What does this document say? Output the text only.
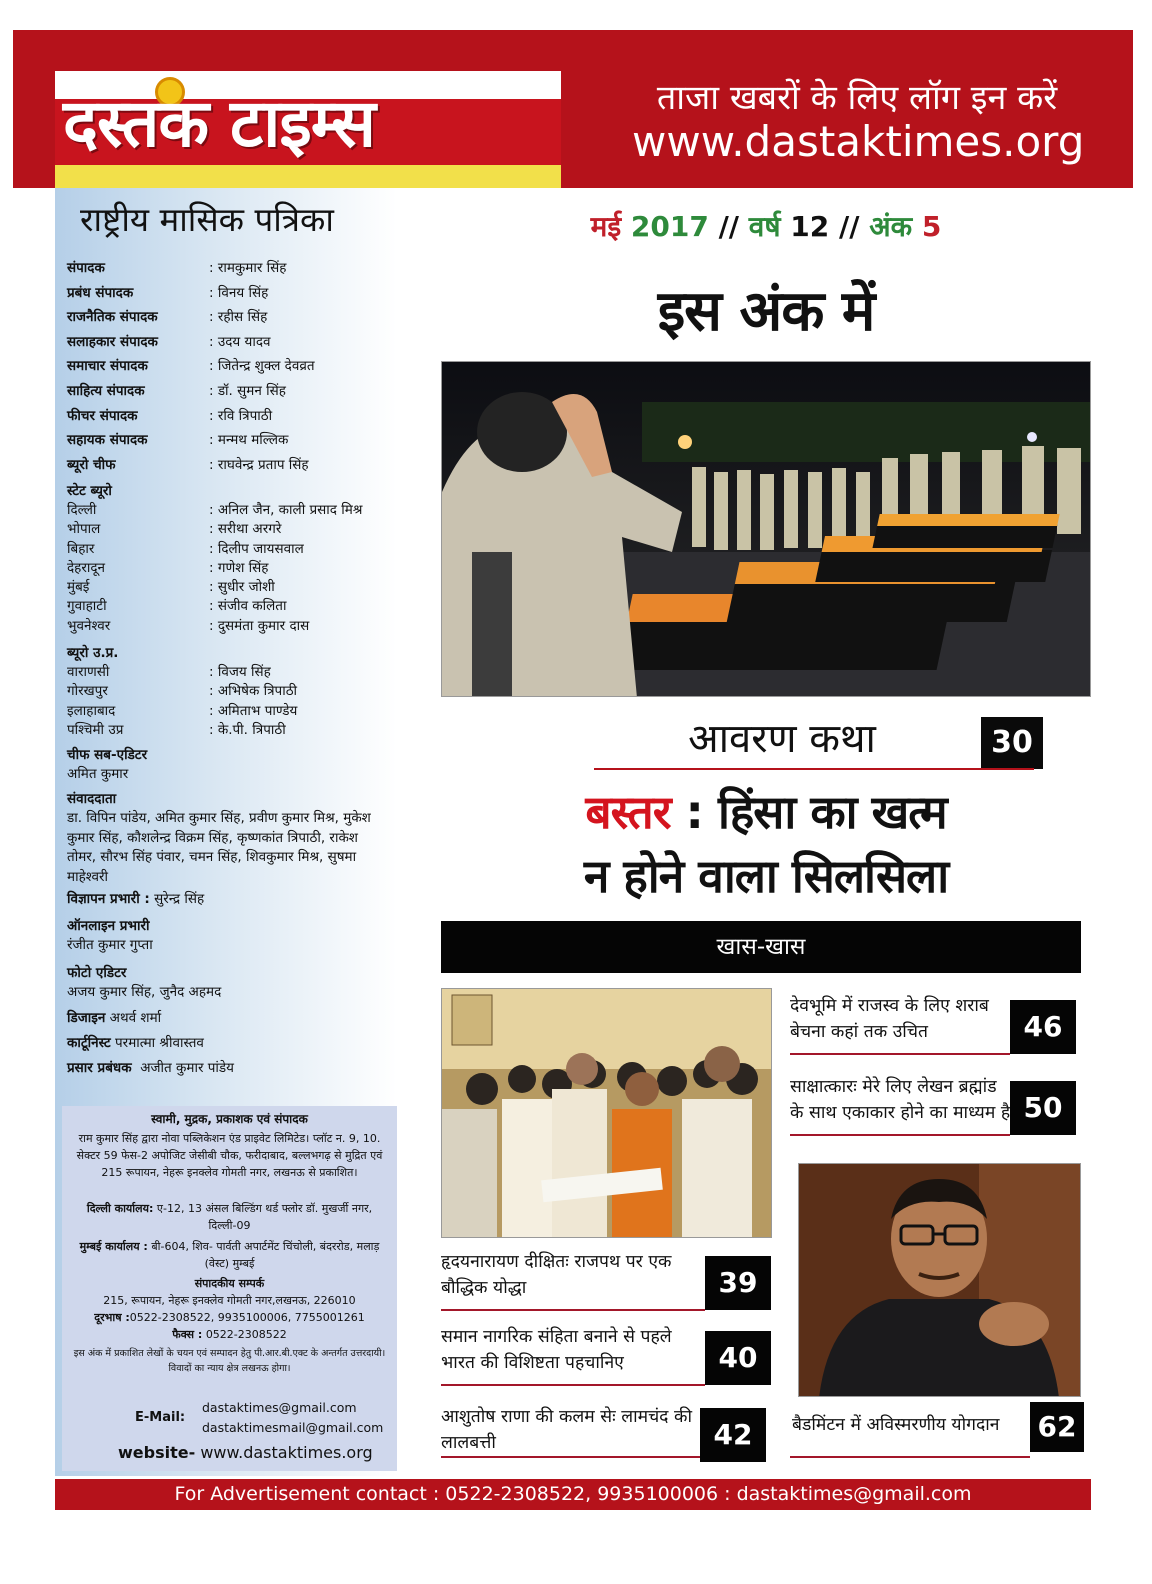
दस्तक टाइम्स	ताजा खबरों के लिए लॉग इन करें
www.dastaktimes.org
राष्ट्रीय मासिक पत्रिका
संपादक	: रामकुमार सिंह
प्रबंध संपादक	: विनय सिंह
राजनैतिक संपादक	: रहीस सिंह
सलाहकार संपादक	: उदय यादव
समाचार संपादक	: जितेन्द्र शुक्ल देवव्रत
साहित्य संपादक	: डॉ. सुमन सिंह
फीचर संपादक	: रवि त्रिपाठी
सहायक संपादक	: मन्मथ मल्लिक
ब्यूरो चीफ	: राघवेन्द्र प्रताप सिंह
स्टेट ब्यूरो
दिल्ली	: अनिल जैन, काली प्रसाद मिश्र
भोपाल	: सरीथा अरगरे
बिहार	: दिलीप जायसवाल
देहरादून	: गणेश सिंह
मुंबई	: सुधीर जोशी
गुवाहाटी	: संजीव कलिता
भुवनेश्वर	: दुसमंता कुमार दास
ब्यूरो उ.प्र.
वाराणसी	: विजय सिंह
गोरखपुर	: अभिषेक त्रिपाठी
इलाहाबाद	: अमिताभ पाण्डेय
पश्चिमी उप्र	: के.पी. त्रिपाठी
चीफ सब-एडिटर
अमित कुमार
संवाददाता
डा. विपिन पांडेय, अमित कुमार सिंह, प्रवीण कुमार मिश्र, मुकेश कुमार सिंह, कौशलेन्द्र विक्रम सिंह, कृष्णकांत त्रिपाठी, राकेश तोमर, सौरभ सिंह पंवार, चमन सिंह, शिवकुमार मिश्र, सुषमा माहेश्वरी
विज्ञापन प्रभारी : सुरेन्द्र सिंह
ऑनलाइन प्रभारी
रंजीत कुमार गुप्ता
फोटो एडिटर
अजय कुमार सिंह, जुनैद अहमद
डिजाइन अथर्व शर्मा
कार्टूनिस्ट परमात्मा श्रीवास्तव
प्रसार प्रबंधक अजीत कुमार पांडेय
स्वामी, मुद्रक, प्रकाशक एवं संपादक
राम कुमार सिंह द्वारा नोवा पब्लिकेशन एंड प्राइवेट लिमिटेड। प्लॉट न. 9, 10. सेक्टर 59 फेस-2 अपोजिट जेसीबी चौक, फरीदाबाद, बल्लभगढ़ से मुद्रित एवं 215 रूपायन, नेहरू इनक्लेव गोमती नगर, लखनऊ से प्रकाशित।
दिल्ली कार्यालय: ए-12, 13 अंसल बिल्डिंग थर्ड फ्लोर डॉ. मुखर्जी नगर, दिल्ली-09
मुम्बई कार्यालय : बी-604, शिव- पार्वती अपार्टमेंट चिंचोली, बंदररोड, मलाड़ (वेस्ट) मुम्बई
संपादकीय सम्पर्क
215, रूपायन, नेहरू इनक्लेव गोमती नगर,लखनऊ, 226010
दूरभाष :0522-2308522, 9935100006, 7755001261
फैक्स : 0522-2308522
इस अंक में प्रकाशित लेखों के चयन एवं सम्पादन हेतु पी.आर.बी.एक्ट के अन्तर्गत उत्तरदायी। विवादों का न्याय क्षेत्र लखनऊ होगा।
E-Mail:
dastaktimes@gmail.com
dastaktimesmail@gmail.com
website- www.dastaktimes.org
मई 2017 // वर्ष 12 // अंक 5
इस अंक में
आवरण कथा	30
बस्तर : हिंसा का खत्म
न होने वाला सिलसिला
खास-खास
हृदयनारायण दीक्षितः राजपथ पर एक बौद्धिक योद्धा	39
समान नागरिक संहिता बनाने से पहले भारत की विशिष्टता पहचानिए	40
आशुतोष राणा की कलम सेः लामचंद की लालबत्ती	42
देवभूमि में राजस्व के लिए शराब बेचना कहां तक उचित	46
साक्षात्कारः मेरे लिए लेखन ब्रह्मांड के साथ एकाकार होने का माध्यम है 50
बैडमिंटन में अविस्मरणीय योगदान	62
For Advertisement contact : 0522-2308522, 9935100006 : dastaktimes@gmail.com
